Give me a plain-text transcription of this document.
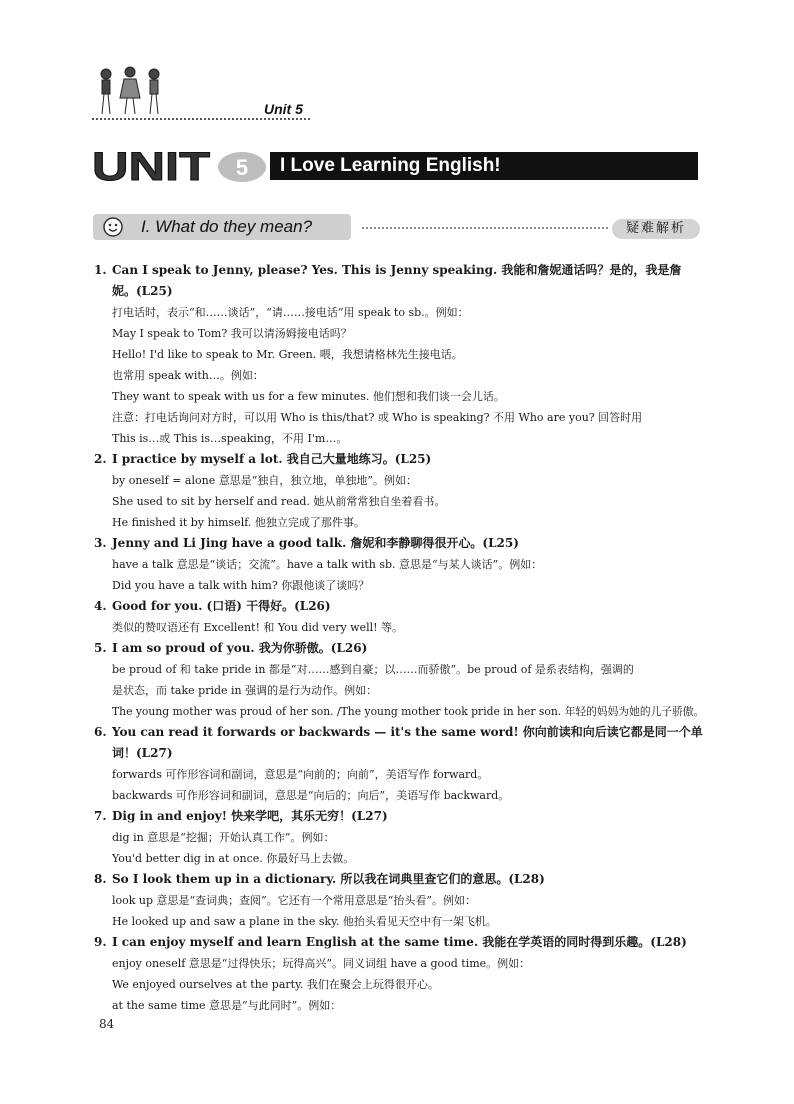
Unit 5
UNIT 5	I Love Learning English!
I. What do they mean?	疑难解析
1. Can I speak to Jenny, please? Yes. This is Jenny speaking. 我能和詹妮通话吗？是的，我是詹
妮。(L25)
打电话时，表示“和……谈话”，“请……接电话”用 speak to sb.。例如：
May I speak to Tom? 我可以请汤姆接电话吗？
Hello! I'd like to speak to Mr. Green. 喂，我想请格林先生接电话。
也常用 speak with…。例如：
They want to speak with us for a few minutes. 他们想和我们谈一会儿话。
注意：打电话询问对方时，可以用 Who is this/that? 或 Who is speaking? 不用 Who are you? 回答时用
This is…或 This is…speaking，不用 I'm…。
2. I practice by myself a lot. 我自己大量地练习。(L25)
by oneself = alone 意思是“独自，独立地，单独地”。例如：
She used to sit by herself and read. 她从前常常独自坐着看书。
He finished it by himself. 他独立完成了那件事。
3. Jenny and Li Jing have a good talk. 詹妮和李静聊得很开心。(L25)
have a talk 意思是“谈话；交流”。have a talk with sb. 意思是“与某人谈话”。例如：
Did you have a talk with him? 你跟他谈了谈吗？
4. Good for you. (口语) 干得好。(L26)
类似的赞叹语还有 Excellent! 和 You did very well! 等。
5. I am so proud of you. 我为你骄傲。(L26)
be proud of 和 take pride in 都是“对……感到自豪；以……而骄傲”。be proud of 是系表结构，强调的
是状态，而 take pride in 强调的是行为动作。例如：
The young mother was proud of her son. /The young mother took pride in her son. 年轻的妈妈为她的儿子骄傲。
6. You can read it forwards or backwards — it's the same word! 你向前读和向后读它都是同一个单
词！(L27)
forwards 可作形容词和副词，意思是“向前的；向前”，美语写作 forward。
backwards 可作形容词和副词，意思是“向后的；向后”，美语写作 backward。
7. Dig in and enjoy! 快来学吧，其乐无穷！(L27)
dig in 意思是“挖掘；开始认真工作”。例如：
You'd better dig in at once. 你最好马上去做。
8. So I look them up in a dictionary. 所以我在词典里查它们的意思。(L28)
look up 意思是“查词典；查阅”。它还有一个常用意思是“抬头看”。例如：
He looked up and saw a plane in the sky. 他抬头看见天空中有一架飞机。
9. I can enjoy myself and learn English at the same time. 我能在学英语的同时得到乐趣。(L28)
enjoy oneself 意思是“过得快乐；玩得高兴”。同义词组 have a good time。例如：
We enjoyed ourselves at the party. 我们在聚会上玩得很开心。
at the same time 意思是“与此同时”。例如：
84
